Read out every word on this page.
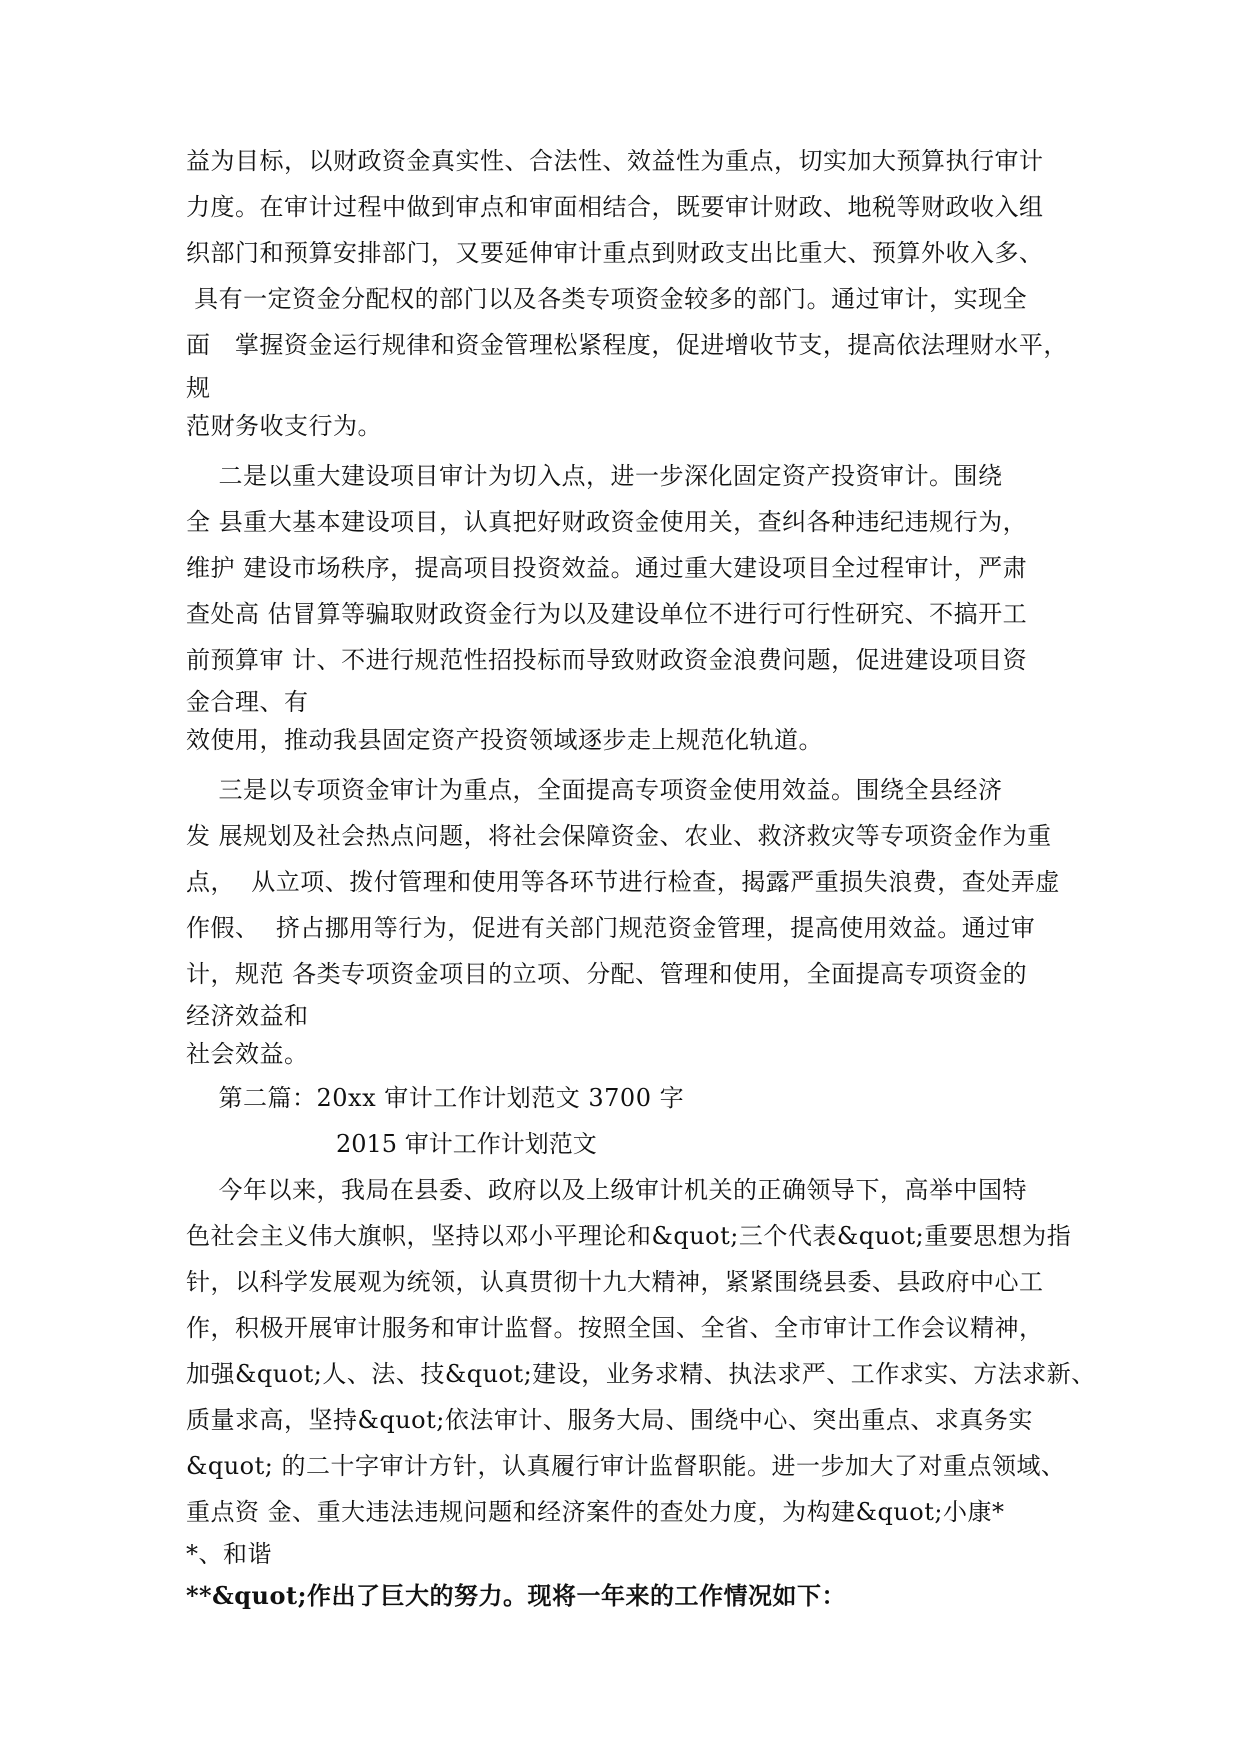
益为目标，以财政资金真实性、合法性、效益性为重点，切实加大预算执行审计
力度。在审计过程中做到审点和审面相结合，既要审计财政、地税等财政收入组
织部门和预算安排部门，又要延伸审计重点到财政支出比重大、预算外收入多、
具有一定资金分配权的部门以及各类专项资金较多的部门。通过审计，实现全
面   掌握资金运行规律和资金管理松紧程度，促进增收节支，提高依法理财水平，
规
范财务收支行为。
二是以重大建设项目审计为切入点，进一步深化固定资产投资审计。围绕
全 县重大基本建设项目，认真把好财政资金使用关，查纠各种违纪违规行为，
维护 建设市场秩序，提高项目投资效益。通过重大建设项目全过程审计，严肃
查处高 估冒算等骗取财政资金行为以及建设单位不进行可行性研究、不搞开工
前预算审 计、不进行规范性招投标而导致财政资金浪费问题，促进建设项目资
金合理、有
效使用，推动我县固定资产投资领域逐步走上规范化轨道。
三是以专项资金审计为重点，全面提高专项资金使用效益。围绕全县经济
发 展规划及社会热点问题，将社会保障资金、农业、救济救灾等专项资金作为重
点，  从立项、拨付管理和使用等各环节进行检查，揭露严重损失浪费，查处弄虚
作假、  挤占挪用等行为，促进有关部门规范资金管理，提高使用效益。通过审
计，规范 各类专项资金项目的立项、分配、管理和使用，全面提高专项资金的
经济效益和
社会效益。
第二篇：20xx 审计工作计划范文 3700 字
2015 审计工作计划范文
今年以来，我局在县委、政府以及上级审计机关的正确领导下，高举中国特
色社会主义伟大旗帜，坚持以邓小平理论和&quot;三个代表&quot;重要思想为指
针，以科学发展观为统领，认真贯彻十九大精神，紧紧围绕县委、县政府中心工
作，积极开展审计服务和审计监督。按照全国、全省、全市审计工作会议精神，
加强&quot;人、法、技&quot;建设，业务求精、执法求严、工作求实、方法求新、
质量求高，坚持&quot;依法审计、服务大局、围绕中心、突出重点、求真务实
&quot; 的二十字审计方针，认真履行审计监督职能。进一步加大了对重点领域、
重点资 金、重大违法违规问题和经济案件的查处力度，为构建&quot;小康*
*、和谐
**&quot;作出了巨大的努力。现将一年来的工作情况如下：
